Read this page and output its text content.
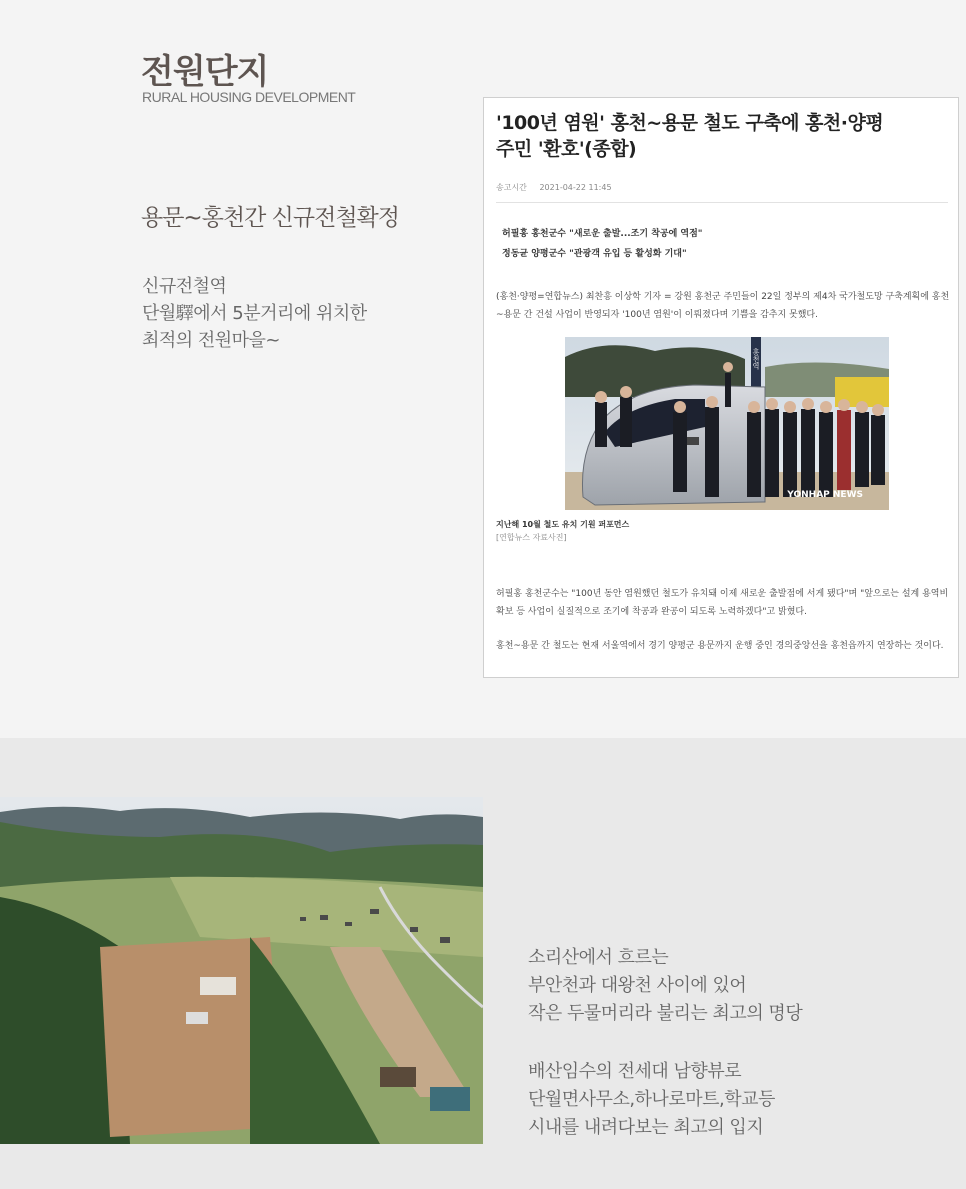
전원단지
RURAL HOUSING DEVELOPMENT
용문~홍천간 신규전철확정
신규전철역
단월驛에서 5분거리에 위치한
최적의 전원마을~
'100년 염원' 홍천~용문 철도 구축에 홍천·양평
주민 '환호'(종합)
송고시간 2021-04-22 11:45
허필홍 홍천군수 "새로운 출발...조기 착공에 역점"
정동균 양평군수 "관광객 유입 등 활성화 기대"
(홍천·양평=연합뉴스) 최찬흥 이상학 기자 = 강원 홍천군 주민들이 22일 정부의 제4차 국가철도망 구축계획에 홍천~용문 간 건설 사업이 반영되자 '100년 염원'이 이뤄졌다며 기쁨을 감추지 못했다.
홍천역
YONHAP NEWS
지난해 10월 철도 유치 기원 퍼포먼스
[연합뉴스 자료사진]
허필홍 홍천군수는 "100년 동안 염원했던 철도가 유치돼 이제 새로운 출발점에 서게 됐다"며 "앞으로는 설계 용역비 확보 등 사업이 실질적으로 조기에 착공과 완공이 되도록 노력하겠다"고 밝혔다.
홍천~용문 간 철도는 현재 서울역에서 경기 양평군 용문까지 운행 중인 경의중앙선을 홍천읍까지 연장하는 것이다.
소리산에서 흐르는
부안천과 대왕천 사이에 있어
작은 두물머리라 불리는 최고의 명당
배산임수의 전세대 남향뷰로
단월면사무소,하나로마트,학교등
시내를 내려다보는 최고의 입지
